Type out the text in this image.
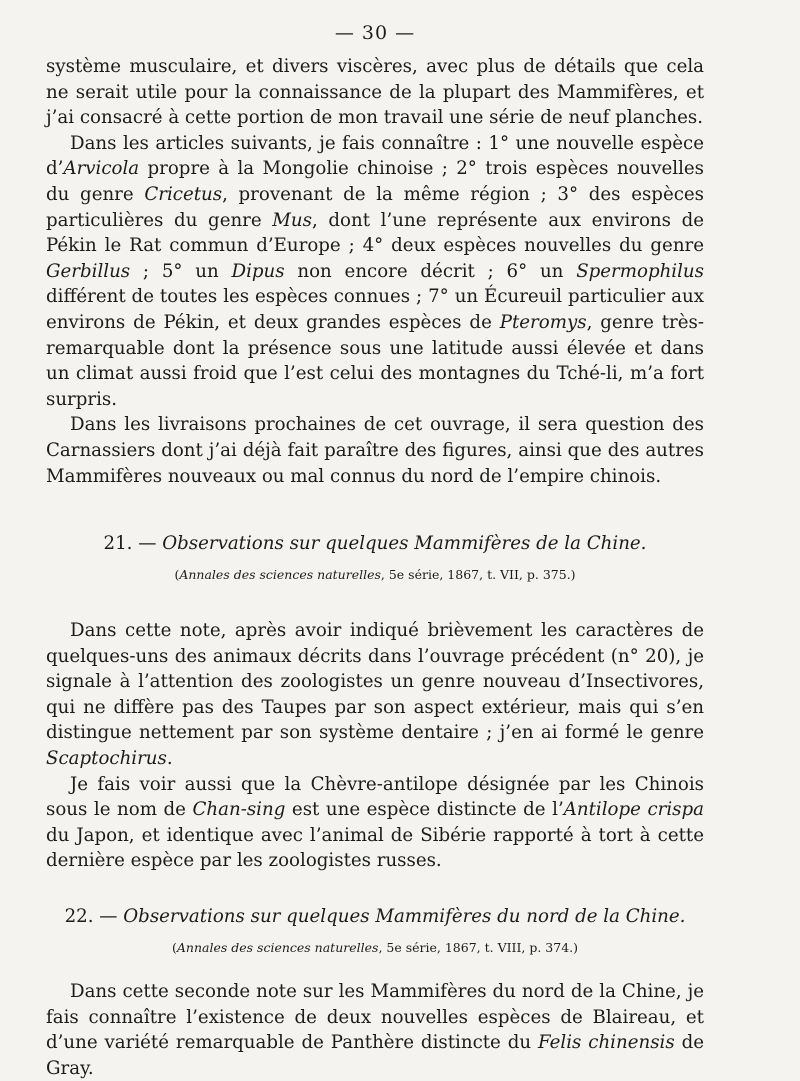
— 30 —

système musculaire, et divers viscères, avec plus de détails que cela ne serait utile pour la connaissance de la plupart des Mammifères, et j’ai consacré à cette portion de mon travail une série de neuf planches.

Dans les articles suivants, je fais connaître : 1° une nouvelle espèce d’Arvicola propre à la Mongolie chinoise ; 2° trois espèces nouvelles du genre Cricetus, provenant de la même région ; 3° des espèces particulières du genre Mus, dont l’une représente aux environs de Pékin le Rat commun d’Europe ; 4° deux espèces nouvelles du genre Gerbillus ; 5° un Dipus non encore décrit ; 6° un Spermophilus différent de toutes les espèces connues ; 7° un Écureuil particulier aux environs de Pékin, et deux grandes espèces de Pteromys, genre très-remarquable dont la présence sous une latitude aussi élevée et dans un climat aussi froid que l’est celui des montagnes du Tché-li, m’a fort surpris.

Dans les livraisons prochaines de cet ouvrage, il sera question des Carnassiers dont j’ai déjà fait paraître des figures, ainsi que des autres Mammifères nouveaux ou mal connus du nord de l’empire chinois.

21. — Observations sur quelques Mammifères de la Chine.
(Annales des sciences naturelles, 5e série, 1867, t. VII, p. 375.)

Dans cette note, après avoir indiqué brièvement les caractères de quelques-uns des animaux décrits dans l’ouvrage précédent (n° 20), je signale à l’attention des zoologistes un genre nouveau d’Insectivores, qui ne diffère pas des Taupes par son aspect extérieur, mais qui s’en distingue nettement par son système dentaire ; j’en ai formé le genre Scaptochirus.

Je fais voir aussi que la Chèvre-antilope désignée par les Chinois sous le nom de Chan-sing est une espèce distincte de l’Antilope crispa du Japon, et identique avec l’animal de Sibérie rapporté à tort à cette dernière espèce par les zoologistes russes.

22. — Observations sur quelques Mammifères du nord de la Chine.
(Annales des sciences naturelles, 5e série, 1867, t. VIII, p. 374.)

Dans cette seconde note sur les Mammifères du nord de la Chine, je fais connaître l’existence de deux nouvelles espèces de Blaireau, et d’une variété remarquable de Panthère distincte du Felis chinensis de Gray.
